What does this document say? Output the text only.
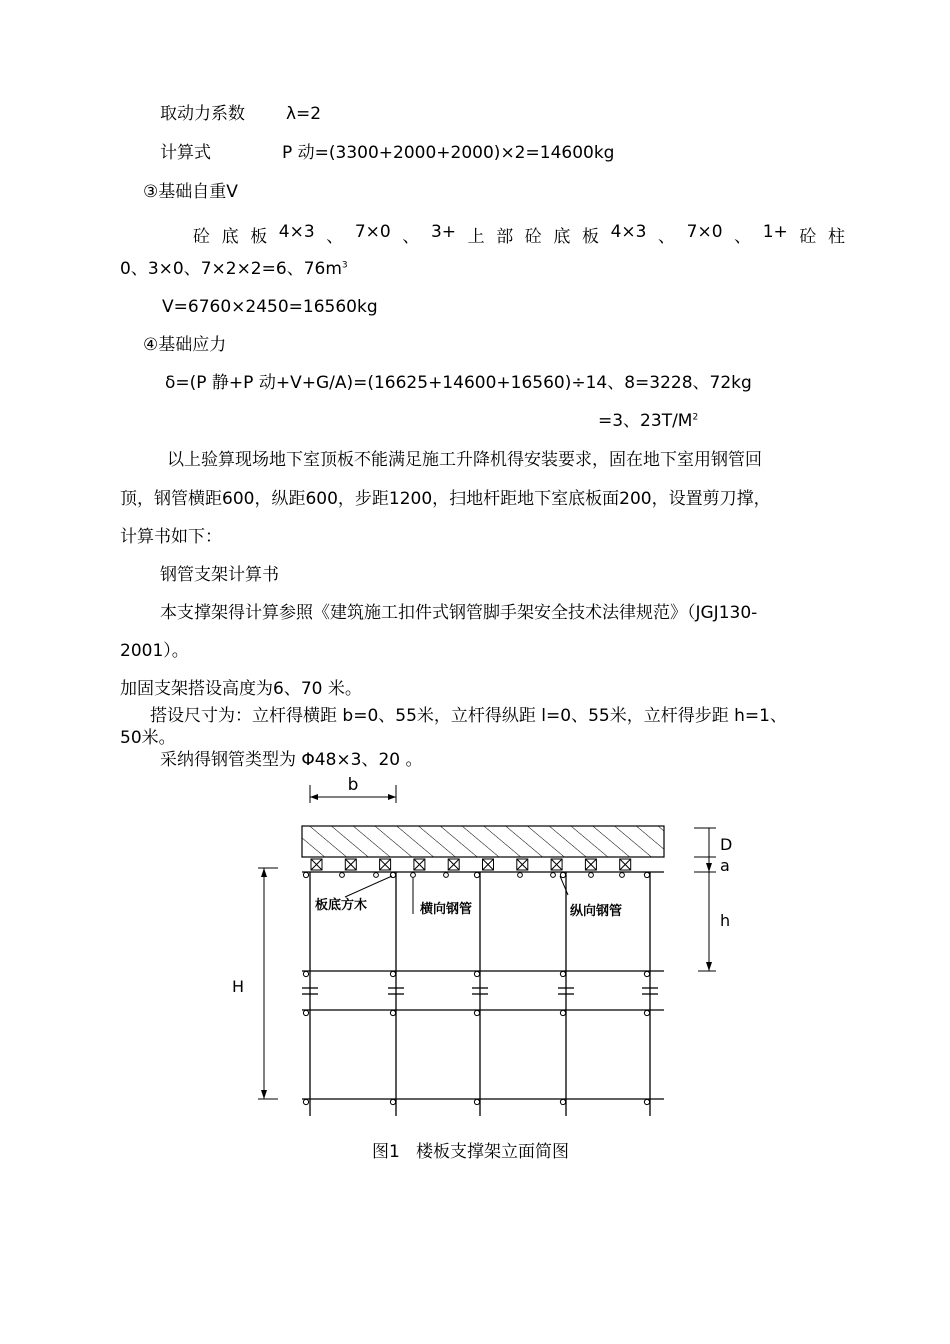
取动力系数 λ=2
计算式	P 动=(3300+2000+2000)×2=14600kg
③基础自重V
砼 底 板 4×3 、 7×0 、 3+ 上 部 砼 底 板 4×3 、 7×0 、 1+ 砼 柱
0、3×0、7×2×2=6、$76m^3$
V=6760×2450=16560kg
④基础应力
δ=(P 静+P 动+V+G/A)=(16625+14600+16560)÷14、8=3228、72kg
=3、$23T/M^2$
以上验算现场地下室顶板不能满足施工升降机得安装要求，固在地下室用钢管回
顶，钢管横距600，纵距600，步距1200，扫地杆距地下室底板面200，设置剪刀撑，
计算书如下：
钢管支架计算书
本支撑架得计算参照《建筑施工扣件式钢管脚手架安全技术法律规范》（JGJ130-
2001）。
加固支架搭设高度为6、70 米。
搭设尺寸为：立杆得横距 b=0、55米，立杆得纵距 l=0、55米，立杆得步距 h=1、
50米。
采纳得钢管类型为 Φ48×3、20 。
b
D
a
h
H
板底方木	横向钢管	纵向钢管
图1   楼板支撑架立面简图
